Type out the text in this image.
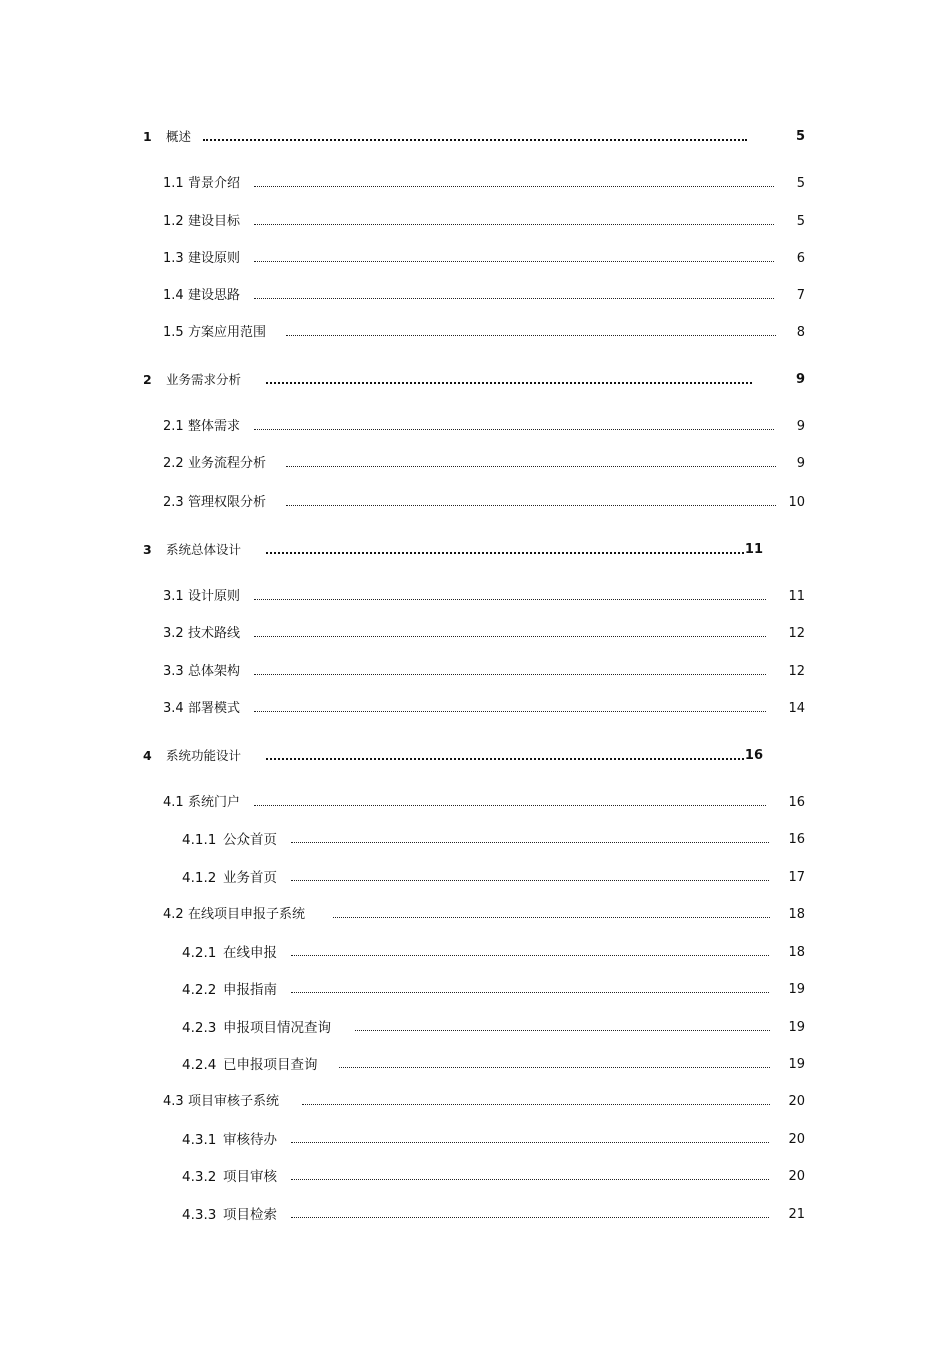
1 概述	5
1.1 背景介绍	5
1.2 建设目标	5
1.3 建设原则	6
1.4 建设思路	7
1.5 方案应用范围	8
2 业务需求分析	9
2.1 整体需求	9
2.2 业务流程分析	9
2.3 管理权限分析	10
3 系统总体设计	11
3.1 设计原则	11
3.2 技术路线	12
3.3 总体架构	12
3.4 部署模式	14
4 系统功能设计	16
4.1 系统门户	16
4.1.1 公众首页	16
4.1.2 业务首页	17
4.2 在线项目申报子系统	18
4.2.1 在线申报	18
4.2.2 申报指南	19
4.2.3 申报项目情况查询	19
4.2.4 已申报项目查询	19
4.3 项目审核子系统	20
4.3.1 审核待办	20
4.3.2 项目审核	20
4.3.3 项目检索	21
